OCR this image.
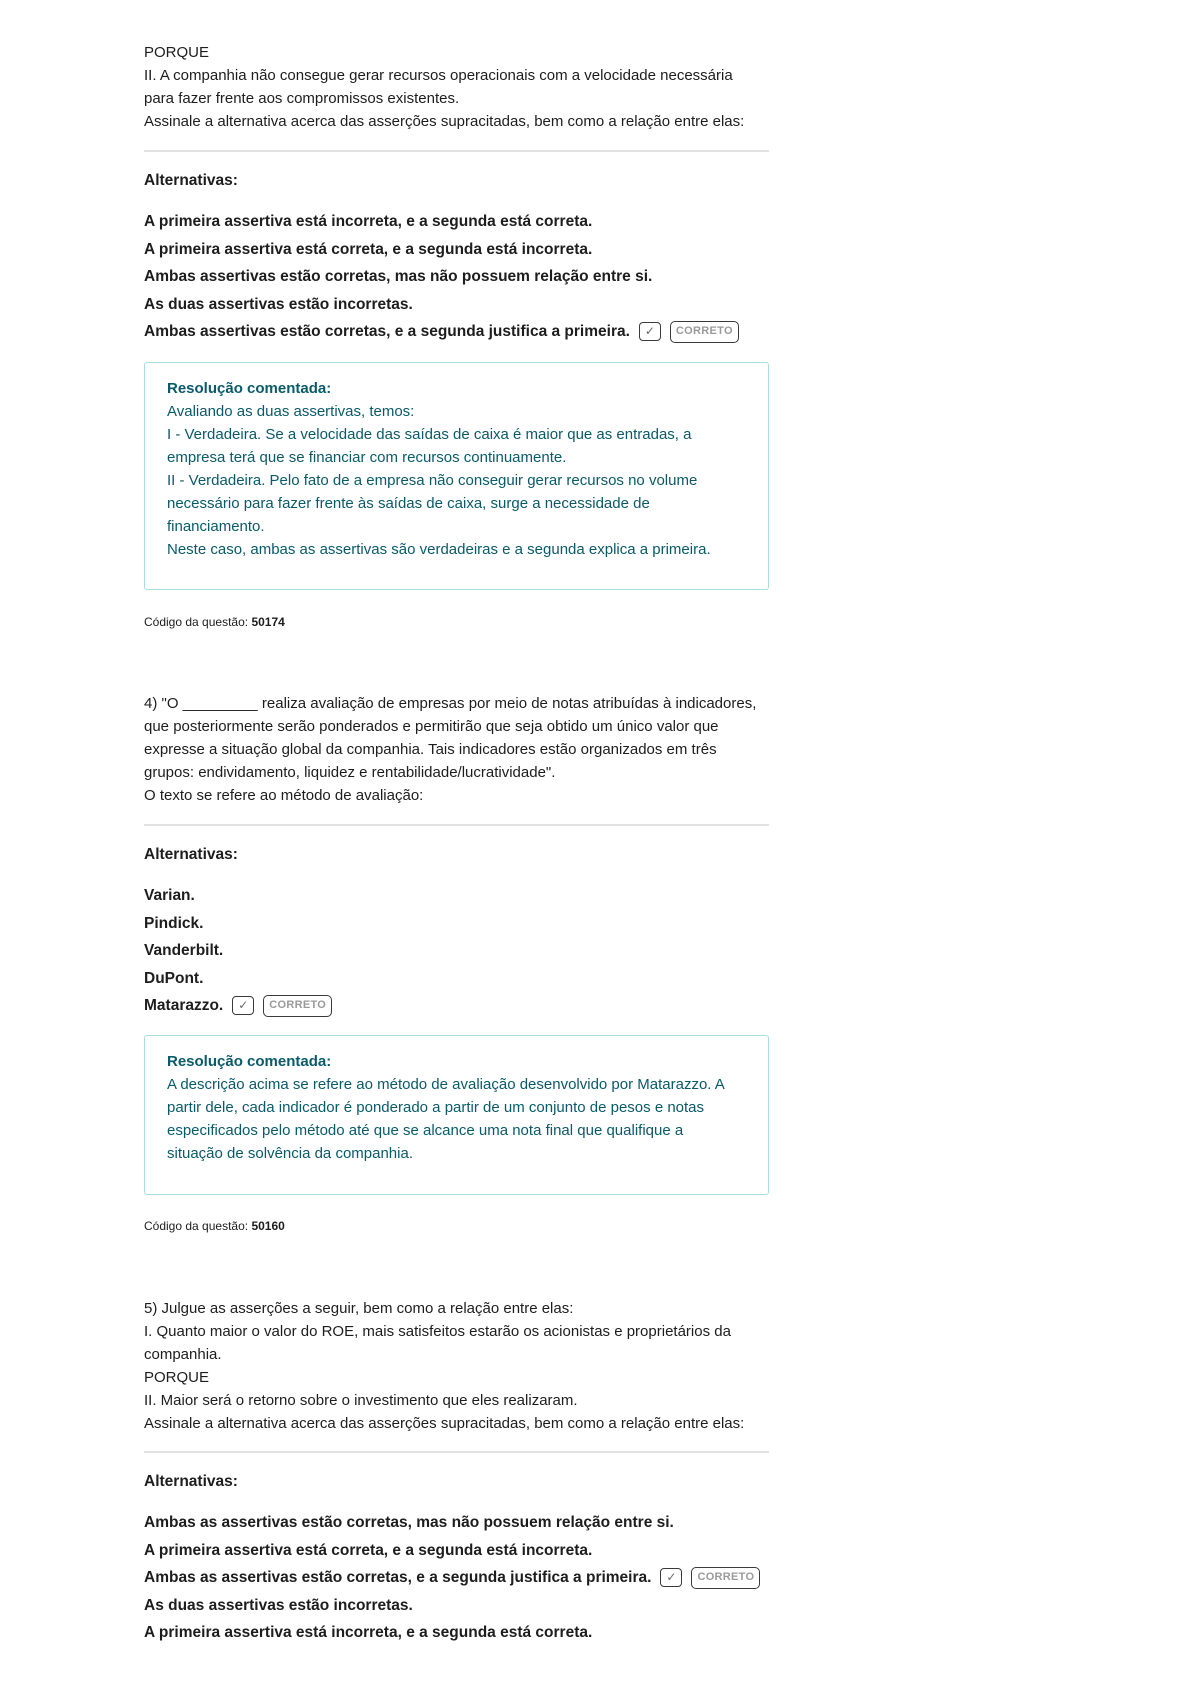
PORQUE

II. A companhia não consegue gerar recursos operacionais com a velocidade necessária

para fazer frente aos compromissos existentes.

Assinale a alternativa acerca das asserções supracitadas, bem como a relação entre elas:

Alternativas:
A primeira assertiva está incorreta, e a segunda está correta.
A primeira assertiva está correta, e a segunda está incorreta.
Ambas assertivas estão corretas, mas não possuem relação entre si.
As duas assertivas estão incorretas.
Ambas assertivas estão corretas, e a segunda justifica a primeira.	✓	CORRETO

Resolução comentada:

Avaliando as duas assertivas, temos:

I - Verdadeira. Se a velocidade das saídas de caixa é maior que as entradas, a

empresa terá que se financiar com recursos continuamente.

II - Verdadeira. Pelo fato de a empresa não conseguir gerar recursos no volume

necessário para fazer frente às saídas de caixa, surge a necessidade de

financiamento.

Neste caso, ambas as assertivas são verdadeiras e a segunda explica a primeira.

Código da questão: 50174

4) "O _________ realiza avaliação de empresas por meio de notas atribuídas à indicadores,

que posteriormente serão ponderados e permitirão que seja obtido um único valor que

expresse a situação global da companhia. Tais indicadores estão organizados em três

grupos: endividamento, liquidez e rentabilidade/lucratividade".

O texto se refere ao método de avaliação:

Alternativas:
Varian.
Pindick.
Vanderbilt.
DuPont.
Matarazzo.	✓	CORRETO

Resolução comentada:

A descrição acima se refere ao método de avaliação desenvolvido por Matarazzo. A

partir dele, cada indicador é ponderado a partir de um conjunto de pesos e notas

especificados pelo método até que se alcance uma nota final que qualifique a

situação de solvência da companhia.

Código da questão: 50160

5) Julgue as asserções a seguir, bem como a relação entre elas:

I. Quanto maior o valor do ROE, mais satisfeitos estarão os acionistas e proprietários da

companhia.

PORQUE

II. Maior será o retorno sobre o investimento que eles realizaram.

Assinale a alternativa acerca das asserções supracitadas, bem como a relação entre elas:

Alternativas:
Ambas as assertivas estão corretas, mas não possuem relação entre si.
A primeira assertiva está correta, e a segunda está incorreta.
Ambas as assertivas estão corretas, e a segunda justifica a primeira.	✓	CORRETO
As duas assertivas estão incorretas.
A primeira assertiva está incorreta, e a segunda está correta.
